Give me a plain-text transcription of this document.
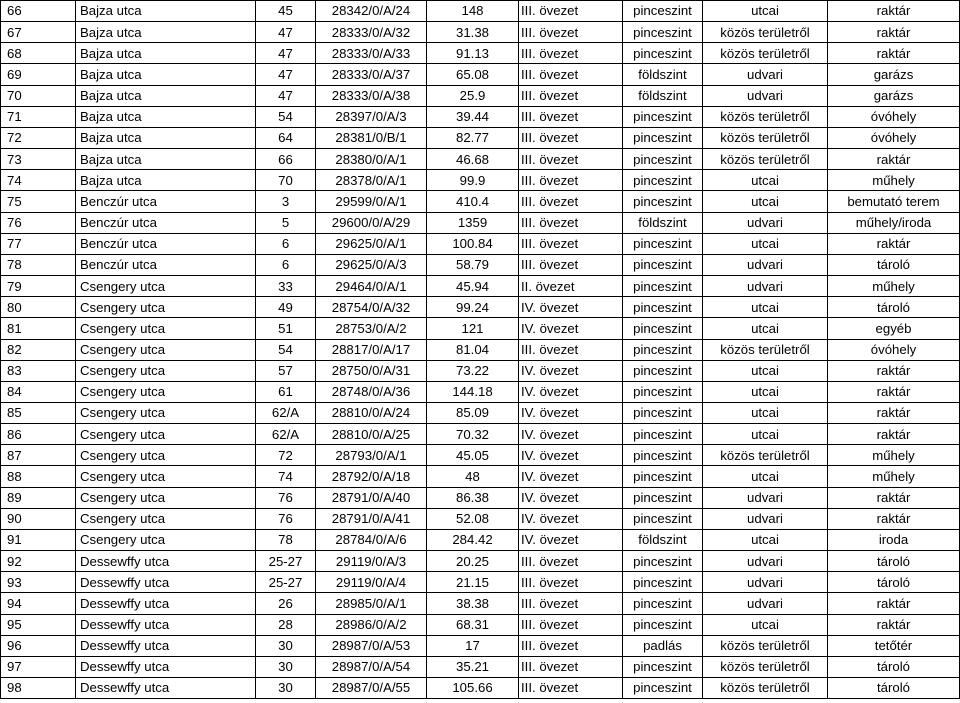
66	Bajza utca	45	28342/0/A/24	148	III. övezet	pinceszint	utcai	raktár
67	Bajza utca	47	28333/0/A/32	31.38	III. övezet	pinceszint	közös területről	raktár
68	Bajza utca	47	28333/0/A/33	91.13	III. övezet	pinceszint	közös területről	raktár
69	Bajza utca	47	28333/0/A/37	65.08	III. övezet	földszint	udvari	garázs
70	Bajza utca	47	28333/0/A/38	25.9	III. övezet	földszint	udvari	garázs
71	Bajza utca	54	28397/0/A/3	39.44	III. övezet	pinceszint	közös területről	óvóhely
72	Bajza utca	64	28381/0/B/1	82.77	III. övezet	pinceszint	közös területről	óvóhely
73	Bajza utca	66	28380/0/A/1	46.68	III. övezet	pinceszint	közös területről	raktár
74	Bajza utca	70	28378/0/A/1	99.9	III. övezet	pinceszint	utcai	műhely
75	Benczúr utca	3	29599/0/A/1	410.4	III. övezet	pinceszint	utcai	bemutató terem
76	Benczúr utca	5	29600/0/A/29	1359	III. övezet	földszint	udvari	műhely/iroda
77	Benczúr utca	6	29625/0/A/1	100.84	III. övezet	pinceszint	utcai	raktár
78	Benczúr utca	6	29625/0/A/3	58.79	III. övezet	pinceszint	udvari	tároló
79	Csengery utca	33	29464/0/A/1	45.94	II. övezet	pinceszint	udvari	műhely
80	Csengery utca	49	28754/0/A/32	99.24	IV. övezet	pinceszint	utcai	tároló
81	Csengery utca	51	28753/0/A/2	121	IV. övezet	pinceszint	utcai	egyéb
82	Csengery utca	54	28817/0/A/17	81.04	III. övezet	pinceszint	közös területről	óvóhely
83	Csengery utca	57	28750/0/A/31	73.22	IV. övezet	pinceszint	utcai	raktár
84	Csengery utca	61	28748/0/A/36	144.18	IV. övezet	pinceszint	utcai	raktár
85	Csengery utca	62/A	28810/0/A/24	85.09	IV. övezet	pinceszint	utcai	raktár
86	Csengery utca	62/A	28810/0/A/25	70.32	IV. övezet	pinceszint	utcai	raktár
87	Csengery utca	72	28793/0/A/1	45.05	IV. övezet	pinceszint	közös területről	műhely
88	Csengery utca	74	28792/0/A/18	48	IV. övezet	pinceszint	utcai	műhely
89	Csengery utca	76	28791/0/A/40	86.38	IV. övezet	pinceszint	udvari	raktár
90	Csengery utca	76	28791/0/A/41	52.08	IV. övezet	pinceszint	udvari	raktár
91	Csengery utca	78	28784/0/A/6	284.42	IV. övezet	földszint	utcai	iroda
92	Dessewffy utca	25-27	29119/0/A/3	20.25	III. övezet	pinceszint	udvari	tároló
93	Dessewffy utca	25-27	29119/0/A/4	21.15	III. övezet	pinceszint	udvari	tároló
94	Dessewffy utca	26	28985/0/A/1	38.38	III. övezet	pinceszint	udvari	raktár
95	Dessewffy utca	28	28986/0/A/2	68.31	III. övezet	pinceszint	utcai	raktár
96	Dessewffy utca	30	28987/0/A/53	17	III. övezet	padlás	közös területről	tetőtér
97	Dessewffy utca	30	28987/0/A/54	35.21	III. övezet	pinceszint	közös területről	tároló
98	Dessewffy utca	30	28987/0/A/55	105.66	III. övezet	pinceszint	közös területről	tároló
